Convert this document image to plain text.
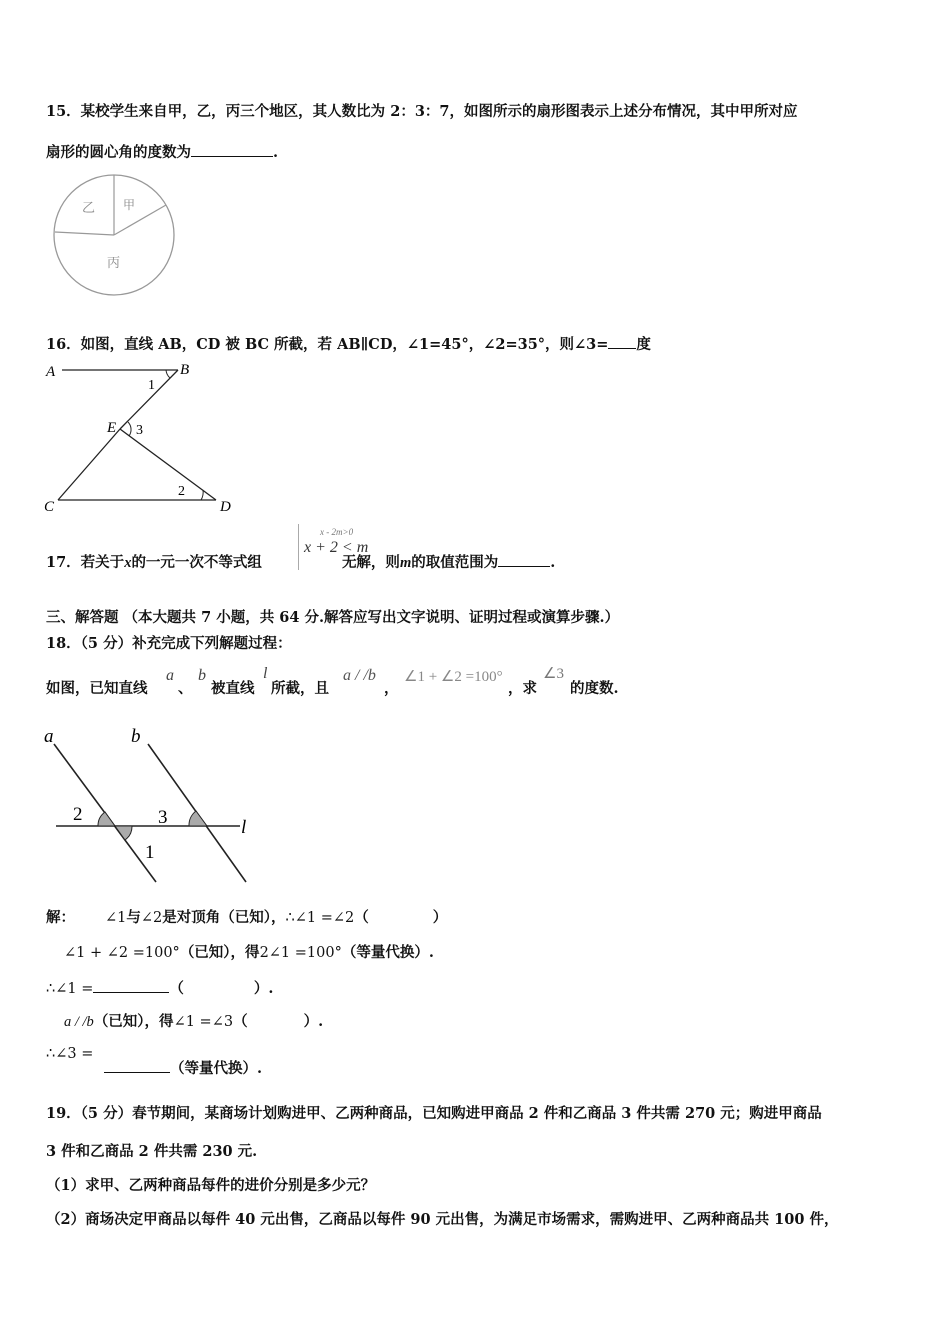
15．某校学生来自甲，乙，丙三个地区，其人数比为 2：3：7，如图所示的扇形图表示上述分布情况，其中甲所对应
扇形的圆心角的度数为	.
乙 甲
丙
16．如图，直线 AB，CD 被 BC 所截，若 AB∥CD，∠1=45°，∠2=35°，则∠3= 度
A	B
E
C	D
1
3
2
17．若关于x的一元一次不等式组	无解，则m的取值范围为	.
x - 2m>0
x + 2 < m
三、解答题 （本大题共 7 小题，共 64 分.解答应写出文字说明、证明过程或演算步骤.）
18．（5 分）补充完成下列解题过程：
如图，已知直线
a
、
b
被直线
l
所截，且
a / /b
，
∠1 + ∠2 =100°
，求
∠3
的度数.
a	b
l
2	3
1
解： ∠1与∠2是对顶角（已知），∴∠1 =∠2（	）
∠1 + ∠2 =100°（已知），得2∠1 =100°（等量代换）.
∴∠1 =	（	）.
a / /b（已知），得∠1 =∠3（	）.
∴∠3 =
（等量代换）.
19．（5 分）春节期间，某商场计划购进甲、乙两种商品，已知购进甲商品 2 件和乙商品 3 件共需 270 元；购进甲商品
3 件和乙商品 2 件共需 230 元.
（1）求甲、乙两种商品每件的进价分别是多少元？
（2）商场决定甲商品以每件 40 元出售，乙商品以每件 90 元出售，为满足市场需求，需购进甲、乙两种商品共 100 件，
